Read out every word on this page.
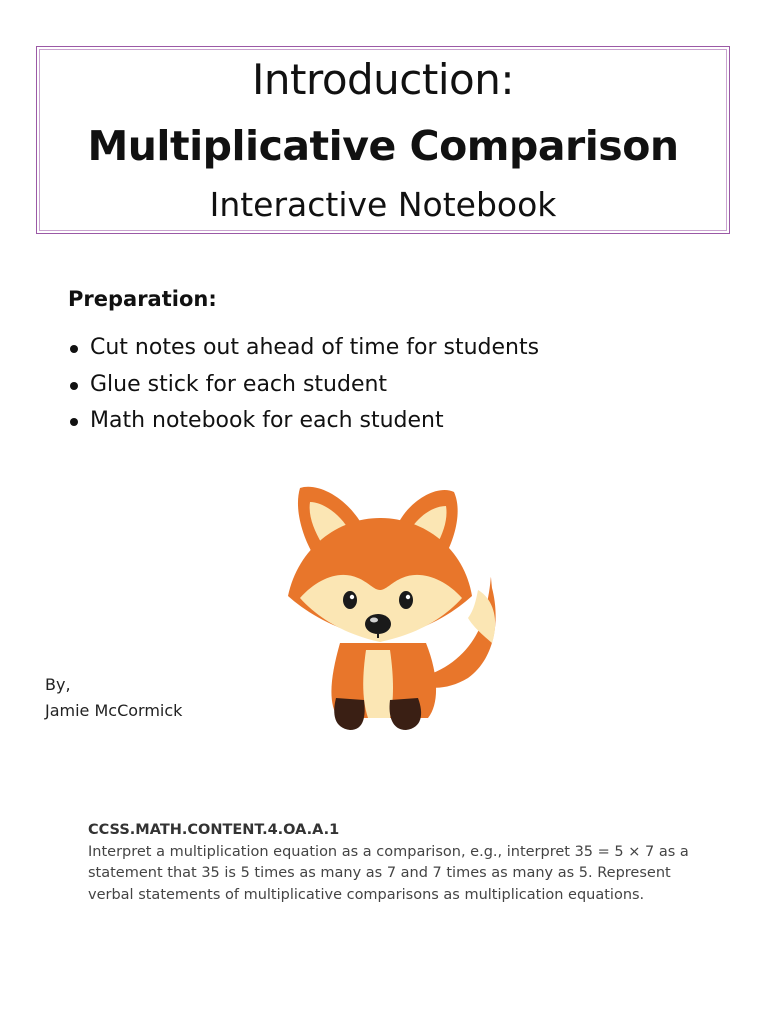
Introduction:
Multiplicative Comparison
Interactive Notebook
Preparation:
Cut notes out ahead of time for students
Glue stick for each student
Math notebook for each student
By,
Jamie McCormick
CCSS.MATH.CONTENT.4.OA.A.1
Interpret a multiplication equation as a comparison, e.g., interpret 35 = 5 × 7 as a statement that 35 is 5 times as many as 7 and 7 times as many as 5. Represent verbal statements of multiplicative comparisons as multiplication equations.
